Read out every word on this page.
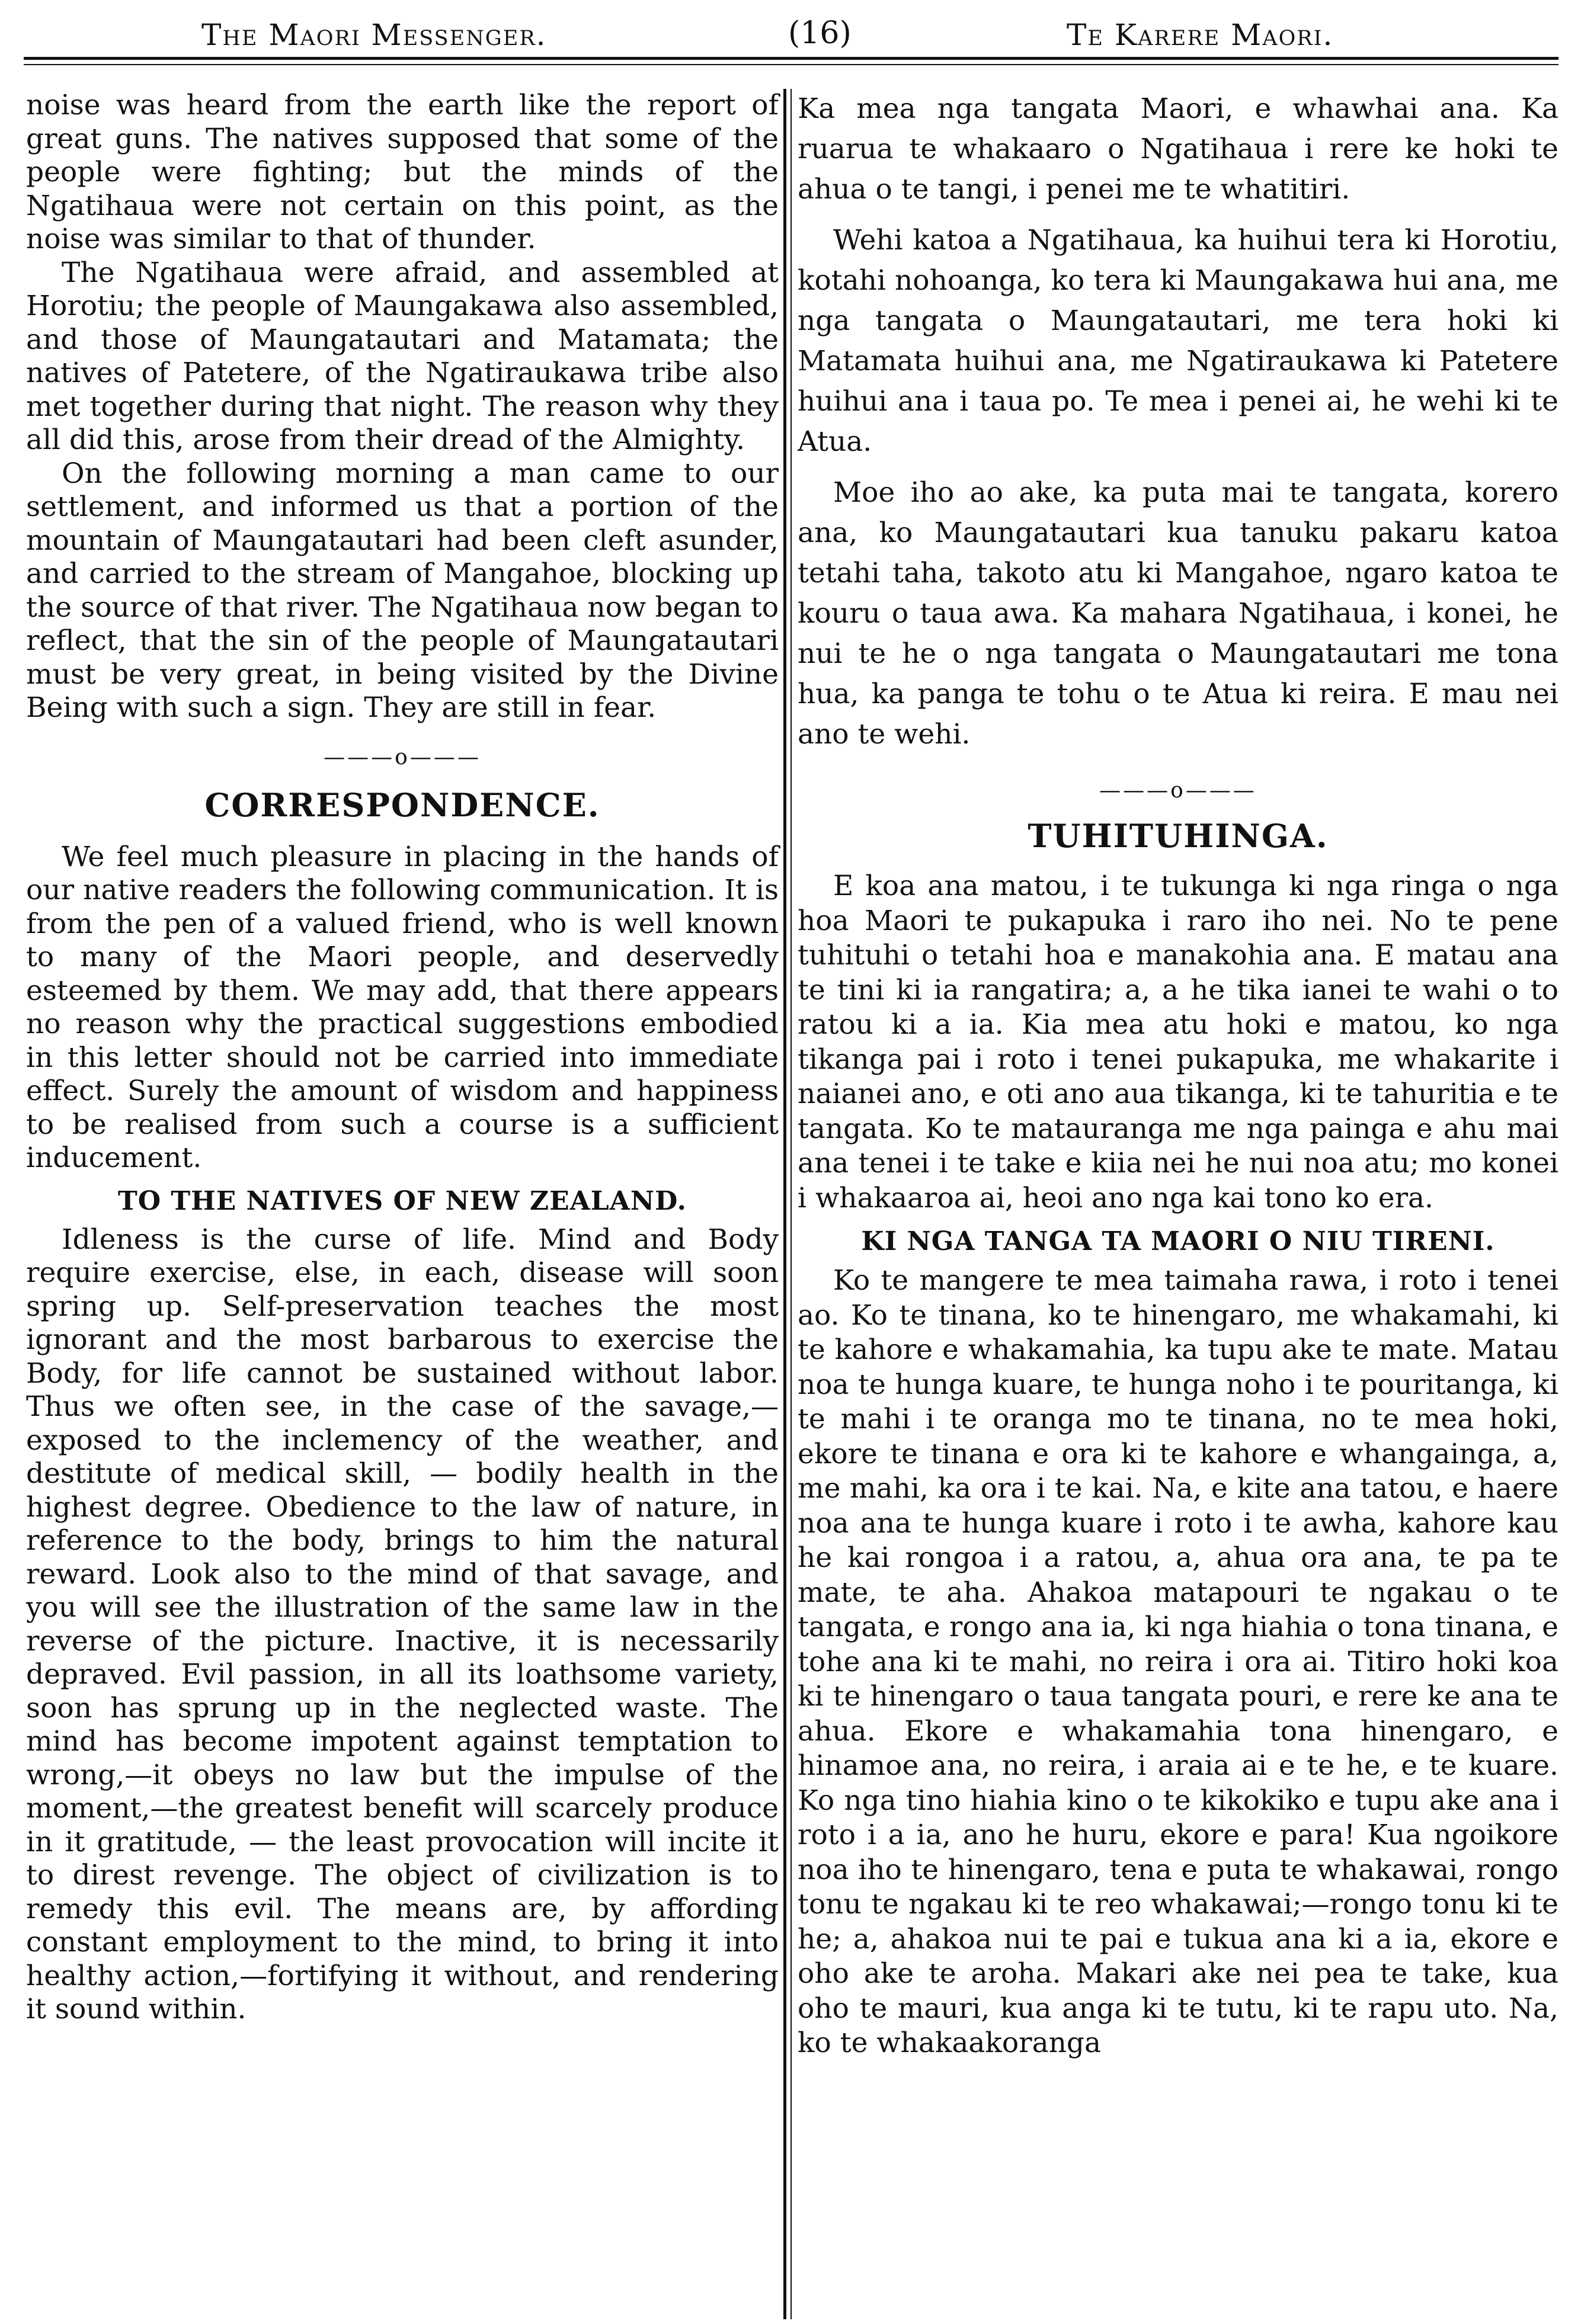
The Maori Messenger.	(16)	Te Karere Maori.

noise was heard from the earth like the report of great guns. The natives supposed that some of the people were fighting; but the minds of the Ngatihaua were not certain on this point, as the noise was similar to that of thunder.

The Ngatihaua were afraid, and assembled at Horotiu; the people of Maungakawa also assembled, and those of Maungatautari and Matamata; the natives of Patetere, of the Ngatiraukawa tribe also met together during that night. The reason why they all did this, arose from their dread of the Almighty.

On the following morning a man came to our settlement, and informed us that a portion of the mountain of Maungatautari had been cleft asunder, and carried to the stream of Mangahoe, blocking up the source of that river. The Ngatihaua now began to reflect, that the sin of the people of Maungatautari must be very great, in being visited by the Divine Being with such a sign. They are still in fear.

———o———
CORRESPONDENCE.

We feel much pleasure in placing in the hands of our native readers the following communication. It is from the pen of a valued friend, who is well known to many of the Maori people, and deservedly esteemed by them. We may add, that there appears no reason why the practical suggestions embodied in this letter should not be carried into immediate effect. Surely the amount of wisdom and happiness to be realised from such a course is a sufficient inducement.

TO THE NATIVES OF NEW ZEALAND.

Idleness is the curse of life. Mind and Body require exercise, else, in each, disease will soon spring up. Self-preservation teaches the most ignorant and the most barbarous to exercise the Body, for life cannot be sustained without labor. Thus we often see, in the case of the savage,—exposed to the inclemency of the weather, and destitute of medical skill, — bodily health in the highest degree. Obedience to the law of nature, in reference to the body, brings to him the natural reward. Look also to the mind of that savage, and you will see the illustration of the same law in the reverse of the picture. Inactive, it is necessarily depraved. Evil passion, in all its loathsome variety, soon has sprung up in the neglected waste. The mind has become impotent against temptation to wrong,—it obeys no law but the impulse of the moment,—the greatest benefit will scarcely produce in it gratitude, — the least provocation will incite it to direst revenge. The object of civilization is to remedy this evil. The means are, by affording constant employment to the mind, to bring it into healthy action,—fortifying it without, and rendering it sound within.

Ka mea nga tangata Maori, e whawhai ana. Ka ruarua te whakaaro o Ngatihaua i rere ke hoki te ahua o te tangi, i penei me te whatitiri.

Wehi katoa a Ngatihaua, ka huihui tera ki Horotiu, kotahi nohoanga, ko tera ki Maungakawa hui ana, me nga tangata o Maungatautari, me tera hoki ki Matamata huihui ana, me Ngatiraukawa ki Patetere huihui ana i taua po. Te mea i penei ai, he wehi ki te Atua.

Moe iho ao ake, ka puta mai te tangata, korero ana, ko Maungatautari kua tanuku pakaru katoa tetahi taha, takoto atu ki Mangahoe, ngaro katoa te kouru o taua awa. Ka mahara Ngatihaua, i konei, he nui te he o nga tangata o Maungatautari me tona hua, ka panga te tohu o te Atua ki reira. E mau nei ano te wehi.

———o———
TUHITUHINGA.

E koa ana matou, i te tukunga ki nga ringa o nga hoa Maori te pukapuka i raro iho nei. No te pene tuhituhi o tetahi hoa e manakohia ana. E matau ana te tini ki ia rangatira; a, a he tika ianei te wahi o to ratou ki a ia. Kia mea atu hoki e matou, ko nga tikanga pai i roto i tenei pukapuka, me whakarite i naianei ano, e oti ano aua tikanga, ki te tahuritia e te tangata. Ko te matauranga me nga painga e ahu mai ana tenei i te take e kiia nei he nui noa atu; mo konei i whakaaroa ai, heoi ano nga kai tono ko era.

KI NGA TANGA TA MAORI O NIU TIRENI.

Ko te mangere te mea taimaha rawa, i roto i tenei ao. Ko te tinana, ko te hinengaro, me whakamahi, ki te kahore e whakamahia, ka tupu ake te mate. Matau noa te hunga kuare, te hunga noho i te pouritanga, ki te mahi i te oranga mo te tinana, no te mea hoki, ekore te tinana e ora ki te kahore e whangainga, a, me mahi, ka ora i te kai. Na, e kite ana tatou, e haere noa ana te hunga kuare i roto i te awha, kahore kau he kai rongoa i a ratou, a, ahua ora ana, te pa te mate, te aha. Ahakoa matapouri te ngakau o te tangata, e rongo ana ia, ki nga hiahia o tona tinana, e tohe ana ki te mahi, no reira i ora ai. Titiro hoki koa ki te hinengaro o taua tangata pouri, e rere ke ana te ahua. Ekore e whakamahia tona hinengaro, e hinamoe ana, no reira, i araia ai e te he, e te kuare. Ko nga tino hiahia kino o te kikokiko e tupu ake ana i roto i a ia, ano he huru, ekore e para! Kua ngoikore noa iho te hinengaro, tena e puta te whakawai, rongo tonu te ngakau ki te reo whakawai;—rongo tonu ki te he; a, ahakoa nui te pai e tukua ana ki a ia, ekore e oho ake te aroha. Makari ake nei pea te take, kua oho te mauri, kua anga ki te tutu, ki te rapu uto. Na, ko te whakaakoranga
